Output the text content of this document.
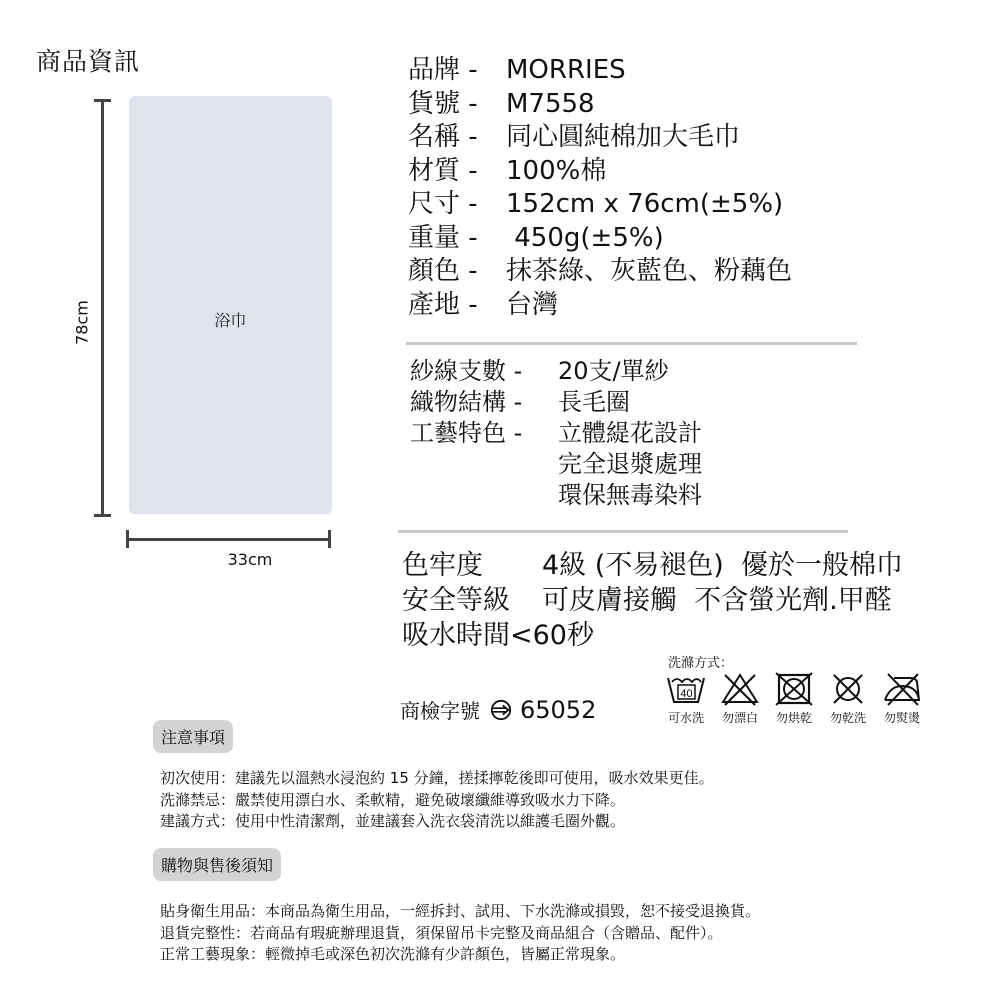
商品資訊
78cm	浴巾
33cm
品牌 -	MORRIES
貨號 -	M7558
名稱 -	同心圓純棉加大毛巾
材質 -	100%棉
尺寸 -	152cm x 76cm(±5%)
重量 -	450g(±5%)
顏色 -	抹茶綠、灰藍色、粉藕色
產地 -	台灣
紗線支數 -	20支/單紗
織物結構 -	長毛圈
工藝特色 -	立體緹花設計
完全退漿處理
環保無毒染料
色牢度 4級 (不易褪色)  優於一般棉巾
安全等級 可皮膚接觸  不含螢光劑.甲醛
吸水時間<60秒
商檢字號 65052
洗滌方式：
40
可水洗 勿漂白 勿烘乾 勿乾洗 勿熨燙
注意事項
初次使用：建議先以溫熱水浸泡約 15 分鐘，搓揉擰乾後即可使用，吸水效果更佳。
洗滌禁忌：嚴禁使用漂白水、柔軟精，避免破壞纖維導致吸水力下降。
建議方式：使用中性清潔劑，並建議套入洗衣袋清洗以維護毛圈外觀。
購物與售後須知
貼身衛生用品：本商品為衛生用品，一經拆封、試用、下水洗滌或損毀，恕不接受退換貨。
退貨完整性：若商品有瑕疵辦理退貨，須保留吊卡完整及商品組合（含贈品、配件）。
正常工藝現象：輕微掉毛或深色初次洗滌有少許顏色，皆屬正常現象。
